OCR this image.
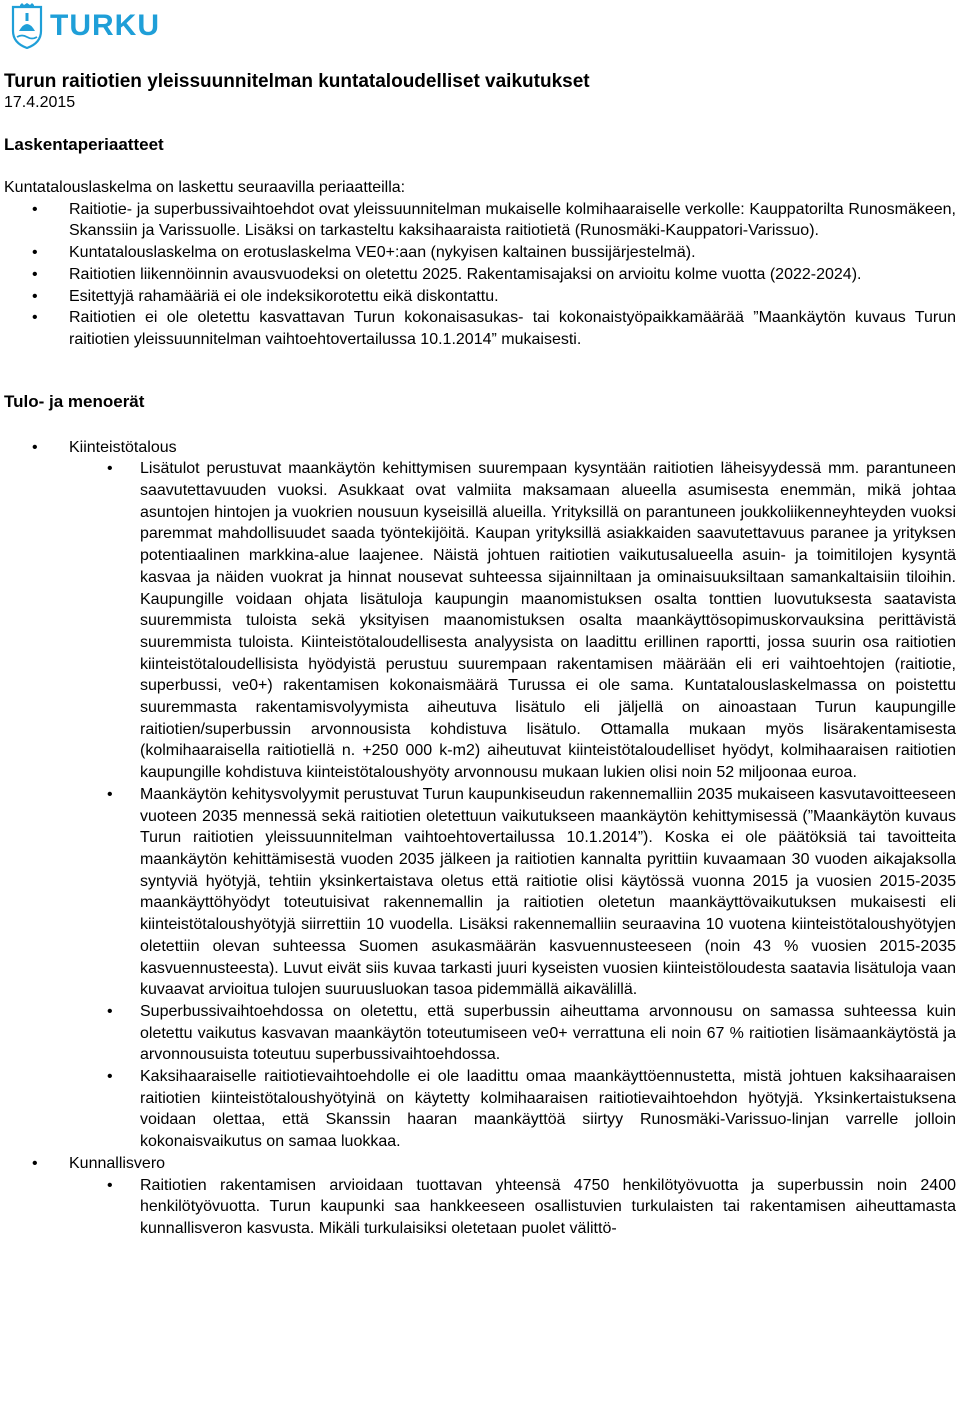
TURKU
Turun raitiotien yleissuunnitelman kuntataloudelliset vaikutukset
17.4.2015
Laskentaperiaatteet

Kuntatalouslaskelma on laskettu seuraavilla periaatteilla:

• Raitiotie- ja superbussivaihtoehdot ovat yleissuunnitelman mukaiselle kolmihaaraiselle verkolle: Kauppatorilta Runosmäkeen, Skanssiin ja Varissuolle. Lisäksi on tarkasteltu kaksihaaraista raitiotietä (Runosmäki-Kauppatori-Varissuo).
• Kuntatalouslaskelma on erotuslaskelma VE0+:aan (nykyisen kaltainen bussijärjestelmä).
• Raitiotien liikennöinnin avausvuodeksi on oletettu 2025. Rakentamisajaksi on arvioitu kolme vuotta (2022-2024).
• Esitettyjä rahamääriä ei ole indeksikorotettu eikä diskontattu.
• Raitiotien ei ole oletettu kasvattavan Turun kokonaisasukas- tai kokonaistyöpaikkamäärää ”Maankäytön kuvaus Turun raitiotien yleissuunnitelman vaihtoehtovertailussa 10.1.2014” mukaisesti.
Tulo- ja menoerät
• Kiinteistötalous
• Lisätulot perustuvat maankäytön kehittymisen suurempaan kysyntään raitiotien läheisyydessä mm. parantuneen saavutettavuuden vuoksi. Asukkaat ovat valmiita maksamaan alueella asumisesta enemmän, mikä johtaa asuntojen hintojen ja vuokrien nousuun kyseisillä alueilla. Yrityksillä on parantuneen joukkoliikenneyhteyden vuoksi paremmat mahdollisuudet saada työntekijöitä. Kaupan yrityksillä asiakkaiden saavutettavuus paranee ja yrityksen potentiaalinen markkina-alue laajenee. Näistä johtuen raitiotien vaikutusalueella asuin- ja toimitilojen kysyntä kasvaa ja näiden vuokrat ja hinnat nousevat suhteessa sijainniltaan ja ominaisuuksiltaan samankaltaisiin tiloihin. Kaupungille voidaan ohjata lisätuloja kaupungin maanomistuksen osalta tonttien luovutuksesta saatavista suuremmista tuloista sekä yksityisen maanomistuksen osalta maankäyttösopimuskorvauksina perittävistä suuremmista tuloista. Kiinteistötaloudellisesta analyysista on laadittu erillinen raportti, jossa suurin osa raitiotien kiinteistötaloudellisista hyödyistä perustuu suurempaan rakentamisen määrään eli eri vaihtoehtojen (raitiotie, superbussi, ve0+) rakentamisen kokonaismäärä Turussa ei ole sama. Kuntatalouslaskelmassa on poistettu suuremmasta rakentamisvolyymista aiheutuva lisätulo eli jäljellä on ainoastaan Turun kaupungille raitiotien/superbussin arvonnousista kohdistuva lisätulo. Ottamalla mukaan myös lisärakentamisesta (kolmihaaraisella raitiotiellä n. +250 000 k-m2) aiheutuvat kiinteistötaloudelliset hyödyt, kolmihaaraisen raitiotien kaupungille kohdistuva kiinteistötaloushyöty arvonnousu mukaan lukien olisi noin 52 miljoonaa euroa.
• Maankäytön kehitysvolyymit perustuvat Turun kaupunkiseudun rakennemalliin 2035 mukaiseen kasvutavoitteeseen vuoteen 2035 mennessä sekä raitiotien oletettuun vaikutukseen maankäytön kehittymisessä (”Maankäytön kuvaus Turun raitiotien yleissuunnitelman vaihtoehtovertailussa 10.1.2014”). Koska ei ole päätöksiä tai tavoitteita maankäytön kehittämisestä vuoden 2035 jälkeen ja raitiotien kannalta pyrittiin kuvaamaan 30 vuoden aikajaksolla syntyviä hyötyjä, tehtiin yksinkertaistava oletus että raitiotie olisi käytössä vuonna 2015 ja vuosien 2015-2035 maankäyttöhyödyt toteutuisivat rakennemallin ja raitiotien oletetun maankäyttövaikutuksen mukaisesti eli kiinteistötaloushyötyjä siirrettiin 10 vuodella. Lisäksi rakennemalliin seuraavina 10 vuotena kiinteistötaloushyötyjen oletettiin olevan suhteessa Suomen asukasmäärän kasvuennusteeseen (noin 43 % vuosien 2015-2035 kasvuennusteesta). Luvut eivät siis kuvaa tarkasti juuri kyseisten vuosien kiinteistöloudesta saatavia lisätuloja vaan kuvaavat arvioitua tulojen suuruusluokan tasoa pidemmällä aikavälillä.
• Superbussivaihtoehdossa on oletettu, että superbussin aiheuttama arvonnousu on samassa suhteessa kuin oletettu vaikutus kasvavan maankäytön toteutumiseen ve0+ verrattuna eli noin 67 % raitiotien lisämaankäytöstä ja arvonnousuista toteutuu superbussivaihtoehdossa.
• Kaksihaaraiselle raitiotievaihtoehdolle ei ole laadittu omaa maankäyttöennustetta, mistä johtuen kaksihaaraisen raitiotien kiinteistötaloushyötyinä on käytetty kolmihaaraisen raitiotievaihtoehdon hyötyjä. Yksinkertaistuksena voidaan olettaa, että Skanssin haaran maankäyttöä siirtyy Runosmäki-Varissuo-linjan varrelle jolloin kokonaisvaikutus on samaa luokkaa.
• Kunnallisvero
• Raitiotien rakentamisen arvioidaan tuottavan yhteensä 4750 henkilötyövuotta ja superbussin noin 2400 henkilötyövuotta. Turun kaupunki saa hankkeeseen osallistuvien turkulaisten tai rakentamisen aiheuttamasta kunnallisveron kasvusta. Mikäli turkulaisiksi oletetaan puolet välittö-
